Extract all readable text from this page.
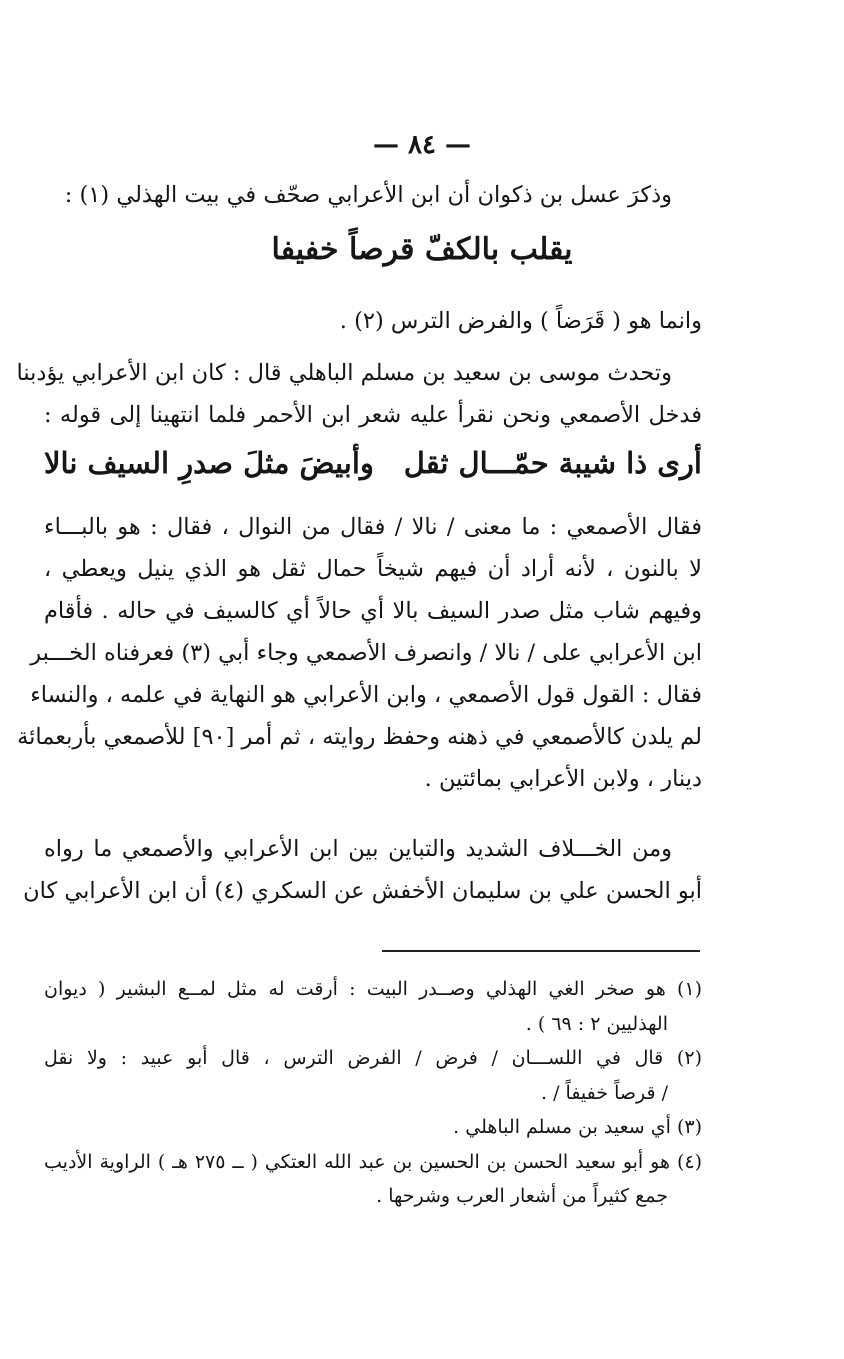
— ٨٤ —
وذكرَ عسل بن ذكوان أن ابن الأعرابي صحّف في بيت الهذلي (١) :
يقلب بالكفّ قرصاً خفيفا
وانما هو ( قَرَضاً ) والفرض الترس (٢) .
وتحدث موسى بن سعيد بن مسلم الباهلي قال : كان ابن الأعرابي يؤدبنا
فدخل الأصمعي ونحن نقرأ عليه شعر ابن الأحمر فلما انتهينا إلى قوله :
أرى ذا شيبة حمّـــال ثقل
وأبيضَ مثلَ صدرِ السيف نالا
فقال الأصمعي : ما معنى / نالا / فقال من النوال ، فقال : هو بالبـــاء
لا بالنون ، لأنه أراد أن فيهم شيخاً حمال ثقل هو الذي ينيل ويعطي ،
وفيهم شاب مثل صدر السيف بالا أي حالاً أي كالسيف في حاله . فأقام
ابن الأعرابي على / نالا / وانصرف الأصمعي وجاء أبي (٣) فعرفناه الخـــبر
فقال : القول قول الأصمعي ، وابن الأعرابي هو النهاية في علمه ، والنساء
لم يلدن كالأصمعي في ذهنه وحفظ روايته ، ثم أمر [٩٠] للأصمعي بأربعمائة
دينار ، ولابن الأعرابي بمائتين .
ومن الخـــلاف الشديد والتباين بين ابن الأعرابي والأصمعي ما رواه
أبو الحسن علي بن سليمان الأخفش عن السكري (٤) أن ابن الأعرابي كان
(١) هو صخر الغي الهذلي وصــدر البيت : أرقت له مثل لمــع البشير ( ديوان
الهذليين ٢ : ٦٩ ) .
(٢) قال في اللســـان / فرض / الفرض الترس ، قال أبو عبيد : ولا نقل
/ قرصاً خفيفاً / .
(٣) أي سعيد بن مسلم الباهلي .
(٤) هو أبو سعيد الحسن بن الحسين بن عبد الله العتكي ( ــ ٢٧٥ هـ ) الراوية الأديب
جمع كثيراً من أشعار العرب وشرحها .
